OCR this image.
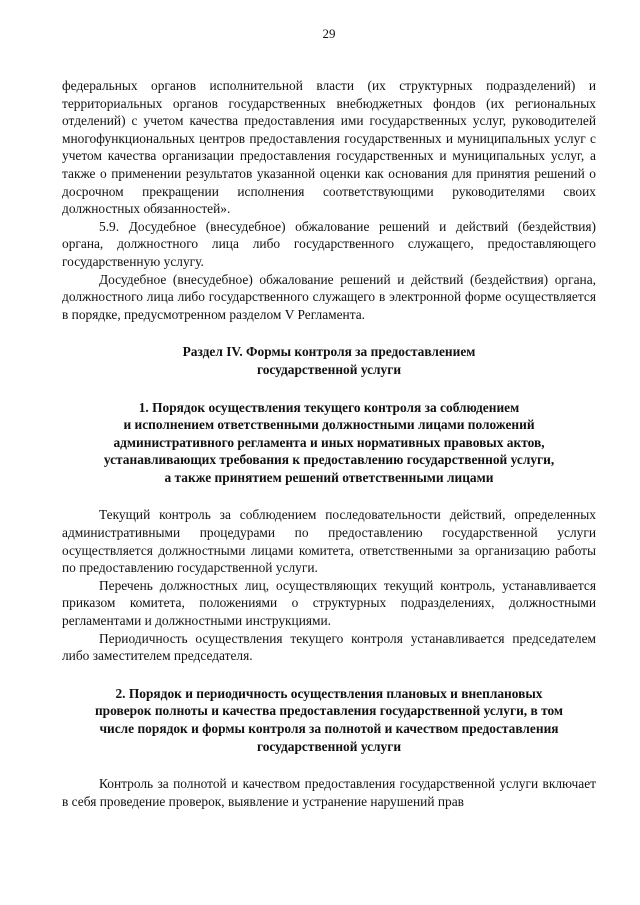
29

федеральных органов исполнительной власти (их структурных подразделений) и территориальных органов государственных внебюджетных фондов (их региональных отделений) с учетом качества предоставления ими государственных услуг, руководителей многофункциональных центров предоставления государственных и муниципальных услуг с учетом качества организации предоставления государственных и муниципальных услуг, а также о применении результатов указанной оценки как основания для принятия решений о досрочном прекращении исполнения соответствующими руководителями своих должностных обязанностей».

5.9. Досудебное (внесудебное) обжалование решений и действий (бездействия) органа, должностного лица либо государственного служащего, предоставляющего государственную услугу.

Досудебное (внесудебное) обжалование решений и действий (бездействия) органа, должностного лица либо государственного служащего в электронной форме осуществляется в порядке, предусмотренном разделом V Регламента.

Раздел IV. Формы контроля за предоставлением
государственной услуги
1. Порядок осуществления текущего контроля за соблюдением
и исполнением ответственными должностными лицами положений
административного регламента и иных нормативных правовых актов,
устанавливающих требования к предоставлению государственной услуги,
а также принятием решений ответственными лицами

Текущий контроль за соблюдением последовательности действий, определенных административными процедурами по предоставлению государственной услуги осуществляется должностными лицами комитета, ответственными за организацию работы по предоставлению государственной услуги.

Перечень должностных лиц, осуществляющих текущий контроль, устанавливается приказом комитета, положениями о структурных подразделениях, должностными регламентами и должностными инструкциями.

Периодичность осуществления текущего контроля устанавливается председателем либо заместителем председателя.

2. Порядок и периодичность осуществления плановых и внеплановых
проверок полноты и качества предоставления государственной услуги, в том
числе порядок и формы контроля за полнотой и качеством предоставления
государственной услуги

Контроль за полнотой и качеством предоставления государственной услуги включает в себя проведение проверок, выявление и устранение нарушений прав
